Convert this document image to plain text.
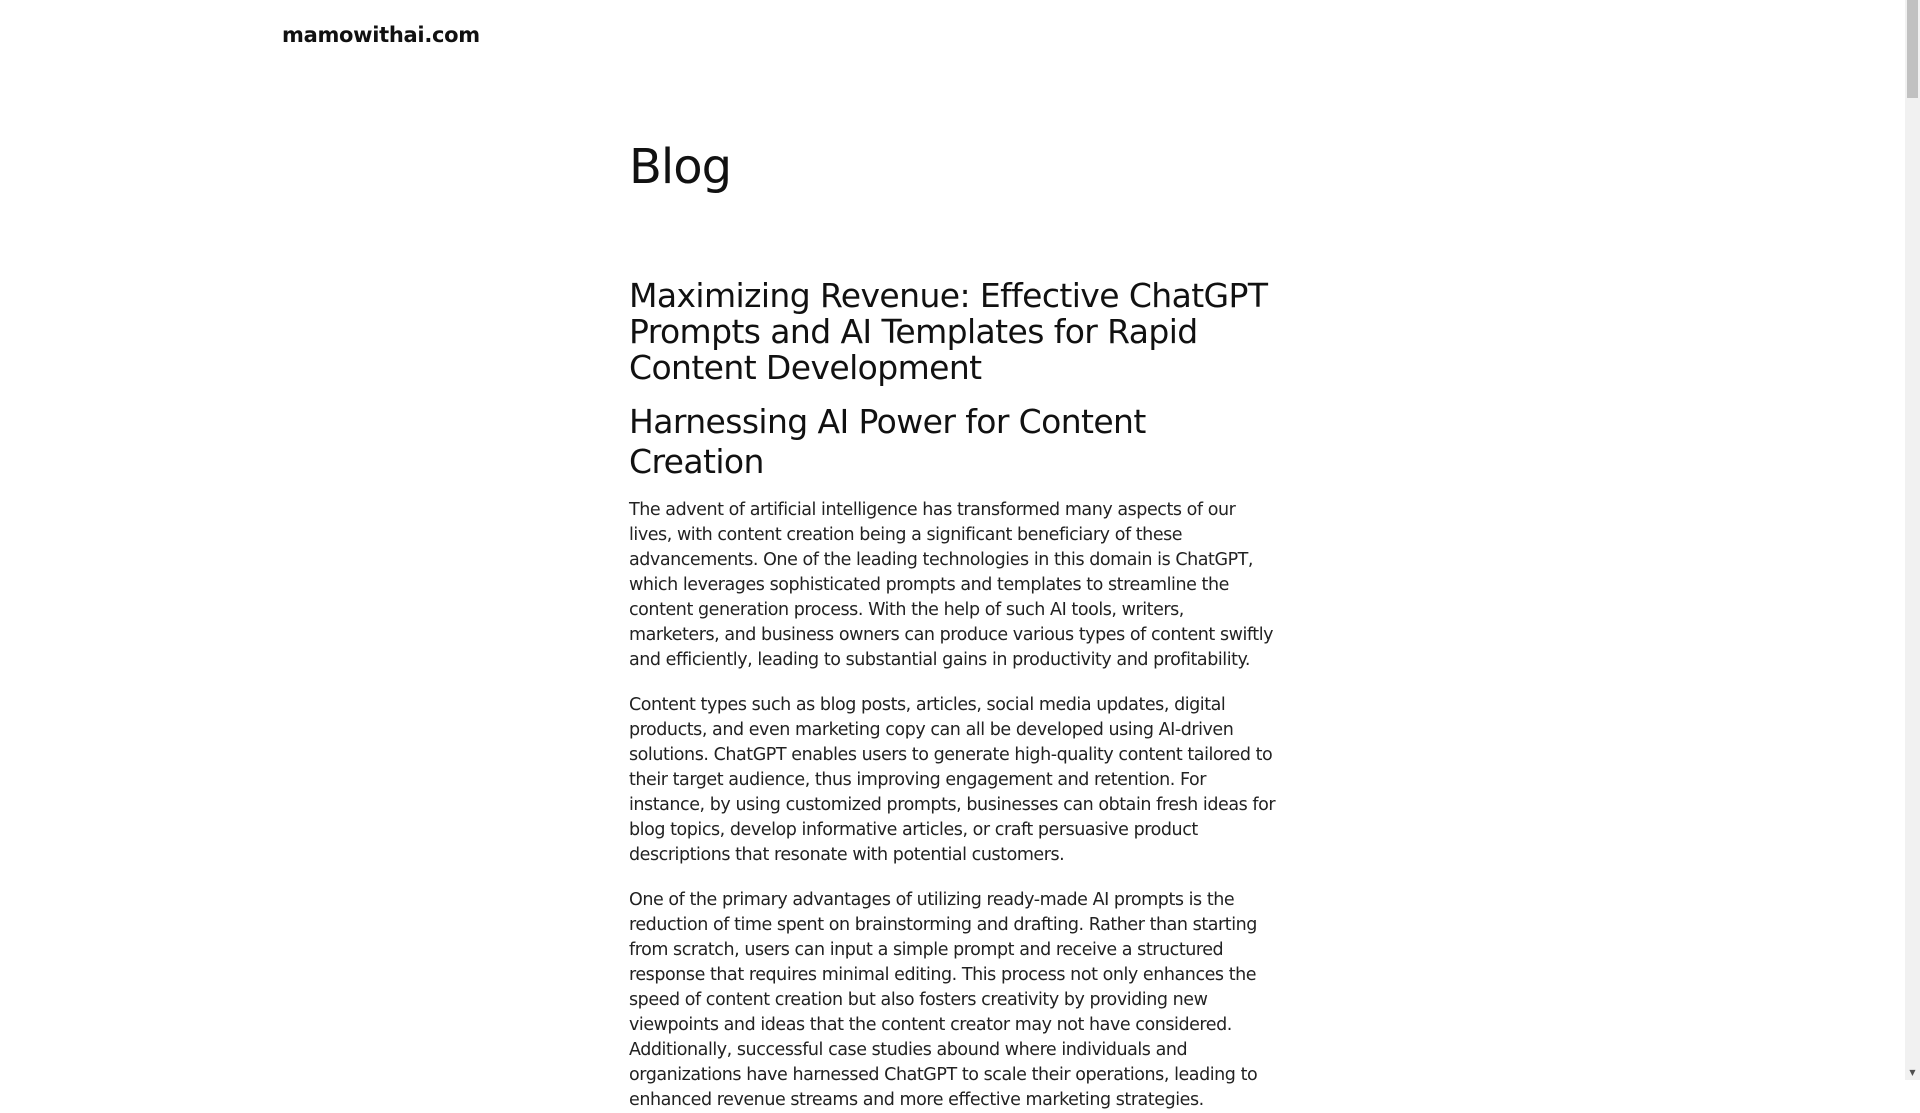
mamowithai.com
Blog
Maximizing Revenue: Effective ChatGPT Prompts and AI Templates for Rapid Content Development
Harnessing AI Power for Content Creation

The advent of artificial intelligence has transformed many aspects of our lives, with content creation being a significant beneficiary of these advancements. One of the leading technologies in this domain is ChatGPT, which leverages sophisticated prompts and templates to streamline the content generation process. With the help of such AI tools, writers, marketers, and business owners can produce various types of content swiftly and efficiently, leading to substantial gains in productivity and profitability.

Content types such as blog posts, articles, social media updates, digital products, and even marketing copy can all be developed using AI-driven solutions. ChatGPT enables users to generate high-quality content tailored to their target audience, thus improving engagement and retention. For instance, by using customized prompts, businesses can obtain fresh ideas for blog topics, develop informative articles, or craft persuasive product descriptions that resonate with potential customers.

One of the primary advantages of utilizing ready-made AI prompts is the reduction of time spent on brainstorming and drafting. Rather than starting from scratch, users can input a simple prompt and receive a structured response that requires minimal editing. This process not only enhances the speed of content creation but also fosters creativity by providing new viewpoints and ideas that the content creator may not have considered. Additionally, successful case studies abound where individuals and organizations have harnessed ChatGPT to scale their operations, leading to enhanced revenue streams and more effective marketing strategies.

▼
